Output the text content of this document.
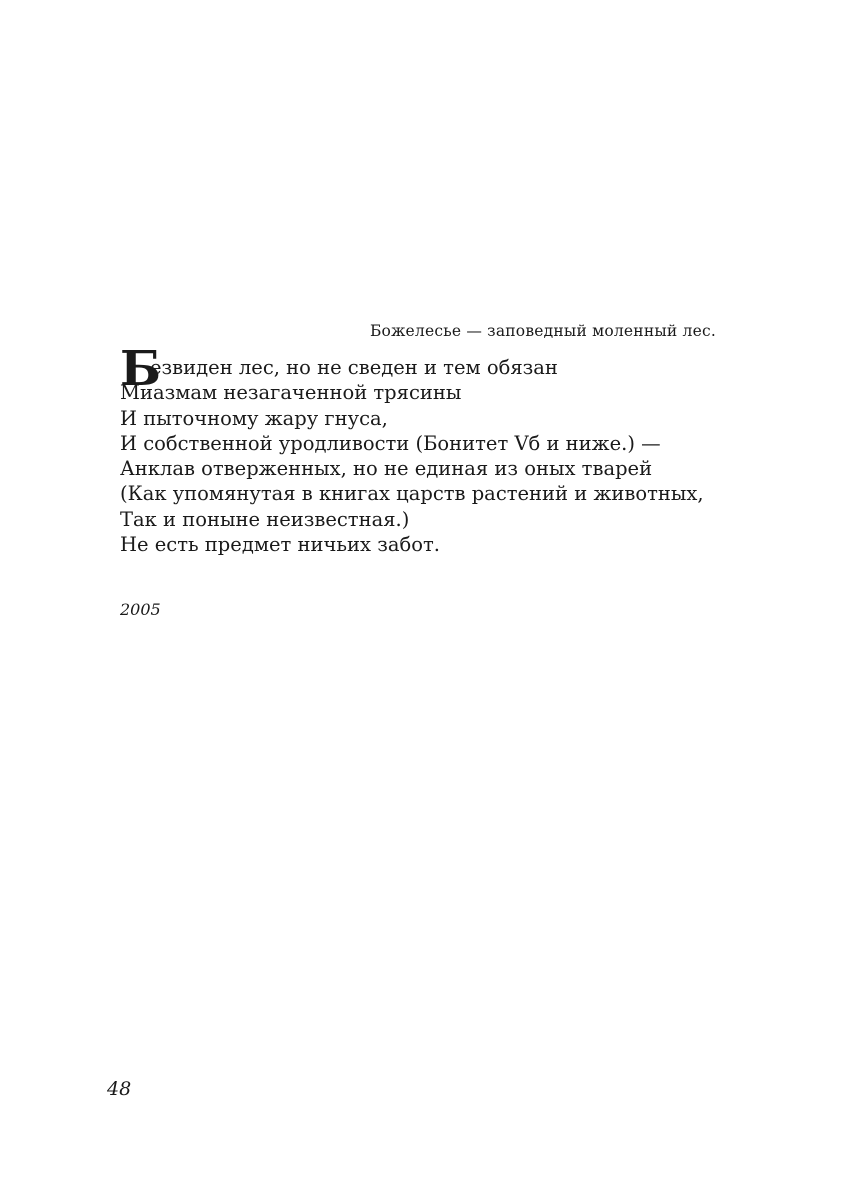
Божелесье — заповедный моленный лес.
Б
езвиден лес, но не сведен и тем обязан
Миазмам незагаченной трясины
И пыточному жару гнуса,
И собственной уродливости (Бонитет Vб и ниже.) —
Анклав отверженных, но не единая из оных тварей
(Как упомянутая в книгах царств растений и животных,
Так и поныне неизвестная.)
Не есть предмет ничьих забот.
2005
48
